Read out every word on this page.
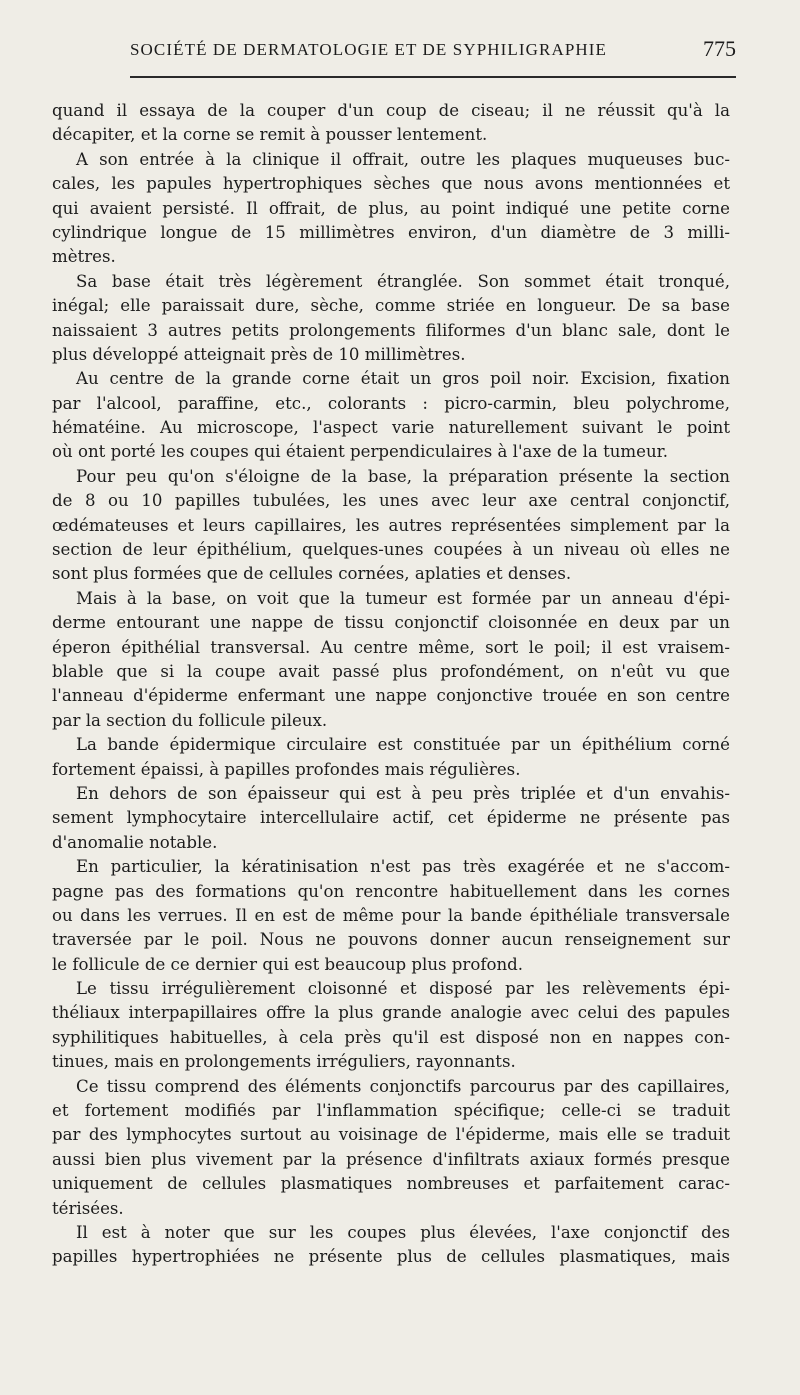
SOCIÉTÉ DE DERMATOLOGIE ET DE SYPHILIGRAPHIE	775
quand il essaya de la couper d'un coup de ciseau; il ne réussit qu'à la
décapiter, et la corne se remit à pousser lentement.
A son entrée à la clinique il offrait, outre les plaques muqueuses buc-
cales, les papules hypertrophiques sèches que nous avons mentionnées et
qui avaient persisté. Il offrait, de plus, au point indiqué une petite corne
cylindrique longue de 15 millimètres environ, d'un diamètre de 3 milli-
mètres.
Sa base était très légèrement étranglée. Son sommet était tronqué,
inégal; elle paraissait dure, sèche, comme striée en longueur. De sa base
naissaient 3 autres petits prolongements filiformes d'un blanc sale, dont le
plus développé atteignait près de 10 millimètres.
Au centre de la grande corne était un gros poil noir. Excision, fixation
par l'alcool, paraffine, etc., colorants : picro-carmin, bleu polychrome,
hématéine. Au microscope, l'aspect varie naturellement suivant le point
où ont porté les coupes qui étaient perpendiculaires à l'axe de la tumeur.
Pour peu qu'on s'éloigne de la base, la préparation présente la section
de 8 ou 10 papilles tubulées, les unes avec leur axe central conjonctif,
œdémateuses et leurs capillaires, les autres représentées simplement par la
section de leur épithélium, quelques-unes coupées à un niveau où elles ne
sont plus formées que de cellules cornées, aplaties et denses.
Mais à la base, on voit que la tumeur est formée par un anneau d'épi-
derme entourant une nappe de tissu conjonctif cloisonnée en deux par un
éperon épithélial transversal. Au centre même, sort le poil; il est vraisem-
blable que si la coupe avait passé plus profondément, on n'eût vu que
l'anneau d'épiderme enfermant une nappe conjonctive trouée en son centre
par la section du follicule pileux.
La bande épidermique circulaire est constituée par un épithélium corné
fortement épaissi, à papilles profondes mais régulières.
En dehors de son épaisseur qui est à peu près triplée et d'un envahis-
sement lymphocytaire intercellulaire actif, cet épiderme ne présente pas
d'anomalie notable.
En particulier, la kératinisation n'est pas très exagérée et ne s'accom-
pagne pas des formations qu'on rencontre habituellement dans les cornes
ou dans les verrues. Il en est de même pour la bande épithéliale transversale
traversée par le poil. Nous ne pouvons donner aucun renseignement sur
le follicule de ce dernier qui est beaucoup plus profond.
Le tissu irrégulièrement cloisonné et disposé par les relèvements épi-
théliaux interpapillaires offre la plus grande analogie avec celui des papules
syphilitiques habituelles, à cela près qu'il est disposé non en nappes con-
tinues, mais en prolongements irréguliers, rayonnants.
Ce tissu comprend des éléments conjonctifs parcourus par des capillaires,
et fortement modifiés par l'inflammation spécifique; celle-ci se traduit
par des lymphocytes surtout au voisinage de l'épiderme, mais elle se traduit
aussi bien plus vivement par la présence d'infiltrats axiaux formés presque
uniquement de cellules plasmatiques nombreuses et parfaitement carac-
térisées.
Il est à noter que sur les coupes plus élevées, l'axe conjonctif des
papilles hypertrophiées ne présente plus de cellules plasmatiques, mais
